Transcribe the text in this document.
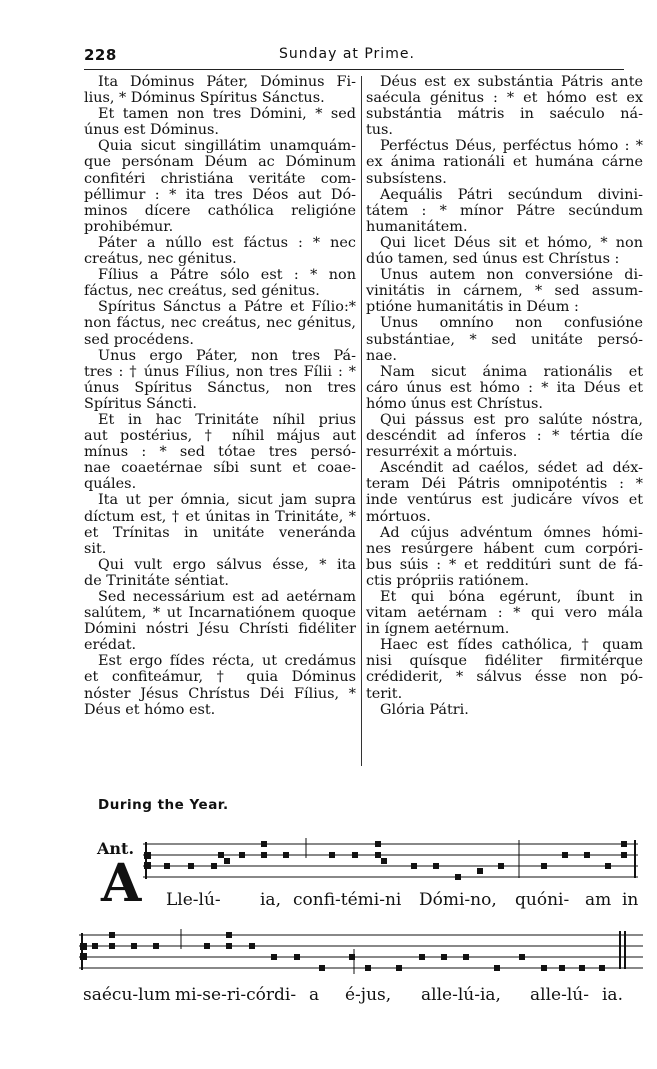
228	Sunday at Prime.
Ita Dóminus Páter, Dóminus Fi-
lius, * Dóminus Spíritus Sánctus.
Et tamen non tres Dómini, * sed
únus est Dóminus.
Quia sicut singillátim unamquám-
que persónam Déum ac Dóminum
confitéri christiána veritáte com-
péllimur : * ita tres Déos aut Dó-
minos dícere cathólica religióne
prohibémur.
Páter a núllo est fáctus : * nec
creátus, nec génitus.
Fílius a Pátre sólo est : * non
fáctus, nec creátus, sed génitus.
Spíritus Sánctus a Pátre et Fílio:*
non fáctus, nec creátus, nec génitus,
sed procédens.
Unus ergo Páter, non tres Pá-
tres : † únus Fílius, non tres Fílii : *
únus Spíritus Sánctus, non tres
Spíritus Sáncti.
Et in hac Trinitáte níhil prius
aut postérius, † níhil május aut
mínus : * sed tótae tres persó-
nae coaetérnae síbi sunt et coae-
quáles.
Ita ut per ómnia, sicut jam supra
díctum est, † et únitas in Trinitáte, *
et Trínitas in unitáte veneránda
sit.
Qui vult ergo sálvus ésse, * ita
de Trinitáte séntiat.
Sed necessárium est ad aetérnam
salútem, * ut Incarnatiónem quoque
Dómini nóstri Jésu Chrísti fidéliter
erédat.
Est ergo fídes récta, ut credámus
et confiteámur, † quia Dóminus
nóster Jésus Chrístus Déi Fílius, *
Déus et hómo est.
Déus est ex substántia Pátris ante
saécula génitus : * et hómo est ex
substántia mátris in saéculo ná-
tus.
Perféctus Déus, perféctus hómo : *
ex ánima rationáli et humána cárne
subsístens.
Aequális Pátri secúndum divini-
tátem : * mínor Pátre secúndum
humanitátem.
Qui licet Déus sit et hómo, * non
dúo tamen, sed únus est Chrístus :
Unus autem non conversióne di-
vinitátis in cárnem, * sed assum-
ptióne humanitátis in Déum :
Unus omníno non confusióne
substántiae, * sed unitáte persó-
nae.
Nam sicut ánima rationális et
cáro únus est hómo : * ita Déus et
hómo únus est Chrístus.
Qui pássus est pro salúte nóstra,
descéndit ad ínferos : * tértia díe
resurréxit a mórtuis.
Ascéndit ad caélos, sédet ad déx-
teram Déi Pátris omnipoténtis : *
inde ventúrus est judicáre vívos et
mórtuos.
Ad cújus advéntum ómnes hómi-
nes resúrgere hábent cum corpóri-
bus súis : * et redditúri sunt de fá-
ctis própriis ratiónem.
Et qui bóna egérunt, íbunt in
vitam aetérnam : * qui vero mála
in ígnem aetérnum.
Haec est fídes cathólica, † quam
nisi quísque fidéliter firmitérque
crédiderit, * sálvus ésse non pó-
terit.
Glória Pátri.
During the Year.
Ant.
A Lle-lú- ia, confi-témi-ni Dómi-no, quóni- am in
saécu-lum mi-se-ri-córdi- a é-jus, alle-lú-ia, alle-lú- ia.
